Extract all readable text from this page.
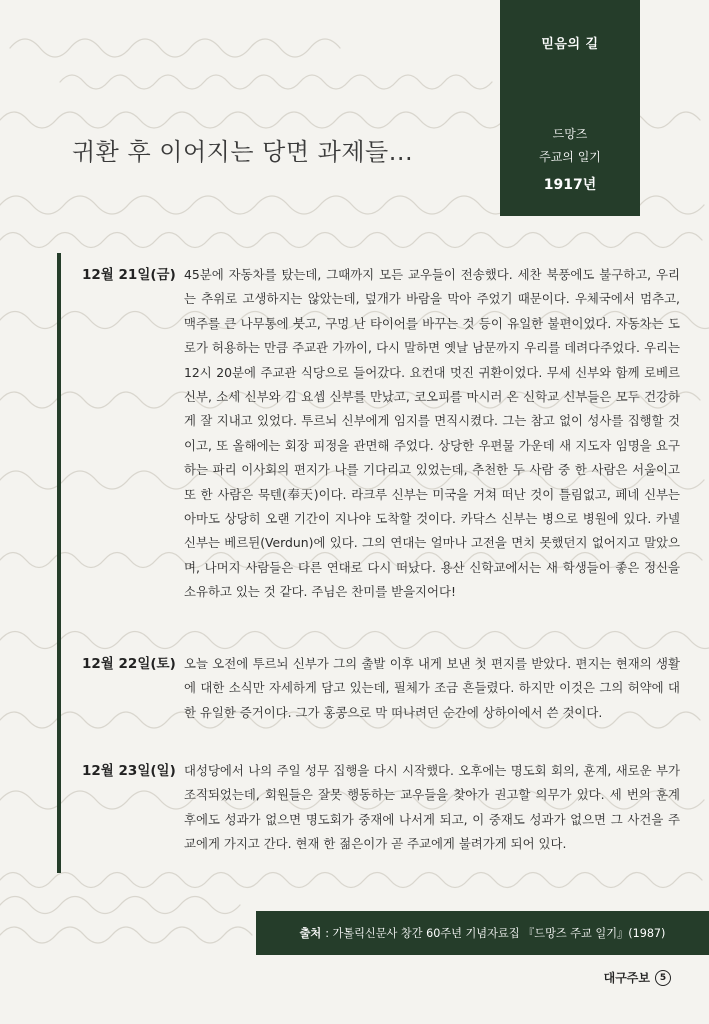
믿음의 길
드망즈
주교의 일기
1917년
귀환 후 이어지는 당면 과제들...
12월 21일(금) 45분에 자동차를 탔는데, 그때까지 모든 교우들이 전송했다. 세찬 북풍에도 불구하고, 우리는 추위로 고생하지는 않았는데, 덮개가 바람을 막아 주었기 때문이다. 우체국에서 멈추고, 맥주를 큰 나무통에 붓고, 구멍 난 타이어를 바꾸는 것 등이 유일한 불편이었다. 자동차는 도로가 허용하는 만큼 주교관 가까이, 다시 말하면 옛날 남문까지 우리를 데려다주었다. 우리는 12시 20분에 주교관 식당으로 들어갔다. 요컨대 멋진 귀환이었다. 무세 신부와 함께 로베르 신부, 소세 신부와 김 요셉 신부를 만났고, 코오피를 마시러 온 신학교 신부들은 모두 건강하게 잘 지내고 있었다. 투르뇌 신부에게 임지를 면직시켰다. 그는 참고 없이 성사를 집행할 것이고, 또 올해에는 회장 피정을 관면해 주었다. 상당한 우편물 가운데 새 지도자 임명을 요구하는 파리 이사회의 편지가 나를 기다리고 있었는데, 추천한 두 사람 중 한 사람은 서울이고 또 한 사람은 묵텐(奉天)이다. 라크루 신부는 미국을 거쳐 떠난 것이 틀림없고, 페네 신부는 아마도 상당히 오랜 기간이 지나야 도착할 것이다. 카닥스 신부는 병으로 병원에 있다. 카넬 신부는 베르뒨(Verdun)에 있다. 그의 연대는 얼마나 고전을 면치 못했던지 없어지고 말았으며, 나머지 사람들은 다른 연대로 다시 떠났다. 용산 신학교에서는 새 학생들이 좋은 정신을 소유하고 있는 것 같다. 주님은 찬미를 받을지어다!

12월 22일(토) 오늘 오전에 투르뇌 신부가 그의 출발 이후 내게 보낸 첫 편지를 받았다. 편지는 현재의 생활에 대한 소식만 자세하게 담고 있는데, 필체가 조금 흔들렸다. 하지만 이것은 그의 허약에 대한 유일한 증거이다. 그가 홍콩으로 막 떠나려던 순간에 상하이에서 쓴 것이다.

12월 23일(일) 대성당에서 나의 주일 성무 집행을 다시 시작했다. 오후에는 명도회 회의, 훈계, 새로운 부가 조직되었는데, 회원들은 잘못 행동하는 교우들을 찾아가 권고할 의무가 있다. 세 번의 훈계 후에도 성과가 없으면 명도회가 중재에 나서게 되고, 이 중재도 성과가 없으면 그 사건을 주교에게 가지고 간다. 현재 한 젊은이가 곧 주교에게 불려가게 되어 있다.

출처 : 가톨릭신문사 창간 60주년 기념자료집 『드망즈 주교 일기』(1987)
대구주보	5
